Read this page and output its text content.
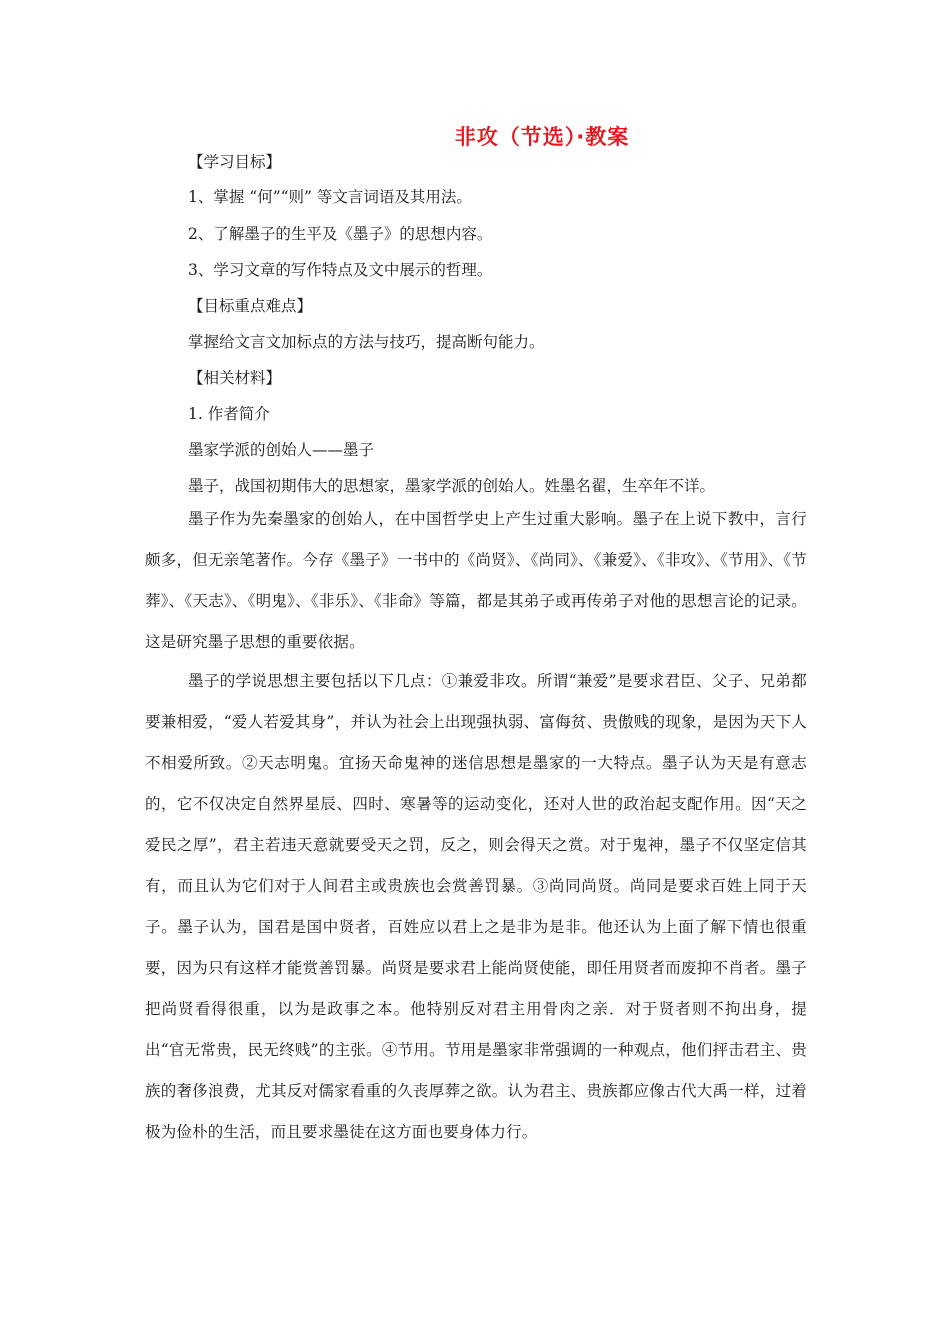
非攻（节选）·教案
【学习目标】
1、掌握 “何”“则” 等文言词语及其用法。
2、了解墨子的生平及《墨子》的思想内容。
3、学习文章的写作特点及文中展示的哲理。
【目标重点难点】
掌握给文言文加标点的方法与技巧，提高断句能力。
【相关材料】
1. 作者简介
墨家学派的创始人——墨子
墨子，战国初期伟大的思想家，墨家学派的创始人。姓墨名翟，生卒年不详。
墨子作为先秦墨家的创始人，在中国哲学史上产生过重大影响。墨子在上说下教中，言行颇多，但无亲笔著作。今存《墨子》一书中的《尚贤》、《尚同》、《兼爱》、《非攻》、《节用》、《节葬》、《天志》、《明鬼》、《非乐》、《非命》等篇，都是其弟子或再传弟子对他的思想言论的记录。这是研究墨子思想的重要依据。
墨子的学说思想主要包括以下几点：①兼爱非攻。所谓“兼爱”是要求君臣、父子、兄弟都要兼相爱，“爱人若爱其身”，并认为社会上出现强执弱、富侮贫、贵傲贱的现象，是因为天下人不相爱所致。②天志明鬼。宜扬天命鬼神的迷信思想是墨家的一大特点。墨子认为天是有意志的，它不仅决定自然界星辰、四时、寒暑等的运动变化，还对人世的政治起支配作用。因“天之爱民之厚”，君主若违天意就要受天之罚，反之，则会得天之赏。对于鬼神，墨子不仅坚定信其有，而且认为它们对于人间君主或贵族也会赏善罚暴。③尚同尚贤。尚同是要求百姓上同于天子。墨子认为，国君是国中贤者，百姓应以君上之是非为是非。他还认为上面了解下情也很重要，因为只有这样才能赏善罚暴。尚贤是要求君上能尚贤使能，即任用贤者而废抑不肖者。墨子把尚贤看得很重，以为是政事之本。他特别反对君主用骨肉之亲．对于贤者则不拘出身，提出“官无常贵，民无终贱”的主张。④节用。节用是墨家非常强调的一种观点，他们抨击君主、贵族的奢侈浪费，尤其反对儒家看重的久丧厚葬之欲。认为君主、贵族都应像古代大禹一样，过着极为俭朴的生活，而且要求墨徒在这方面也要身体力行。
